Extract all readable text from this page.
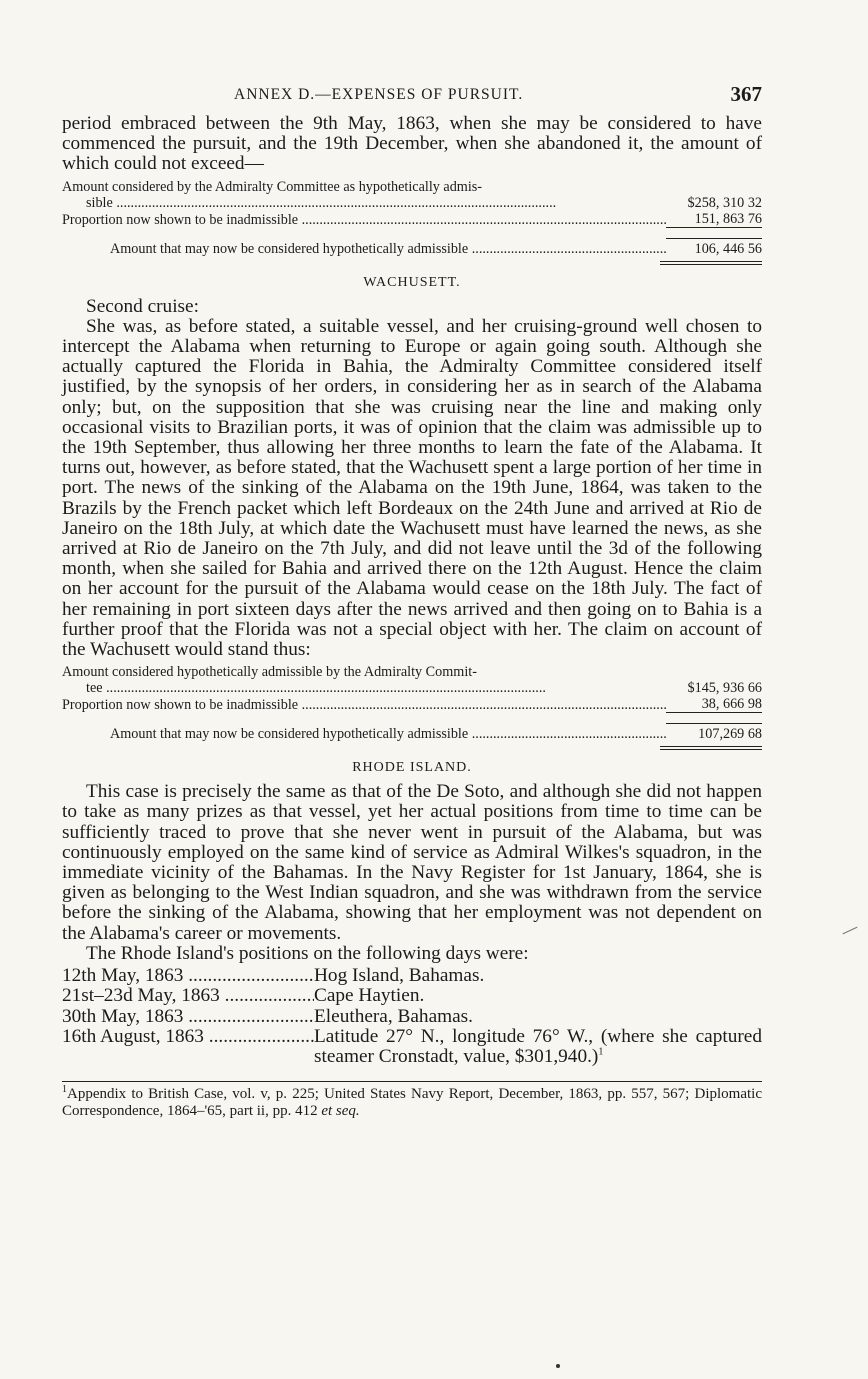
ANNEX D.—EXPENSES OF PURSUIT.	367

period embraced between the 9th May, 1863, when she may be considered to have commenced the pursuit, and the 19th December, when she abandoned it, the amount of which could not exceed—

Amount considered by the Admiralty Committee as hypothetically admis-
sible .....	$258, 310 32
Proportion now shown to be inadmissible .....	151, 863 76
Amount that may now be considered hypothetically admissible .....	106, 446 56
WACHUSETT.

Second cruise:

She was, as before stated, a suitable vessel, and her cruising-ground well chosen to intercept the Alabama when returning to Europe or again going south. Although she actually captured the Florida in Bahia, the Admiralty Committee considered itself justified, by the synopsis of her orders, in considering her as in search of the Alabama only; but, on the supposition that she was cruising near the line and making only occasional visits to Brazilian ports, it was of opinion that the claim was admissible up to the 19th September, thus allowing her three months to learn the fate of the Alabama. It turns out, however, as before stated, that the Wachusett spent a large portion of her time in port. The news of the sinking of the Alabama on the 19th June, 1864, was taken to the Brazils by the French packet which left Bordeaux on the 24th June and arrived at Rio de Janeiro on the 18th July, at which date the Wachusett must have learned the news, as she arrived at Rio de Janeiro on the 7th July, and did not leave until the 3d of the following month, when she sailed for Bahia and arrived there on the 12th August. Hence the claim on her account for the pursuit of the Alabama would cease on the 18th July. The fact of her remaining in port sixteen days after the news arrived and then going on to Bahia is a further proof that the Florida was not a special object with her. The claim on account of the Wachusett would stand thus:

Amount considered hypothetically admissible by the Admiralty Commit-
tee .....	$145, 936 66
Proportion now shown to be inadmissible .....	38, 666 98
Amount that may now be considered hypothetically admissible .....	107,269 68
RHODE ISLAND.

This case is precisely the same as that of the De Soto, and although she did not happen to take as many prizes as that vessel, yet her actual positions from time to time can be sufficiently traced to prove that she never went in pursuit of the Alabama, but was continuously employed on the same kind of service as Admiral Wilkes's squadron, in the immediate vicinity of the Bahamas. In the Navy Register for 1st January, 1864, she is given as belonging to the West Indian squadron, and she was withdrawn from the service before the sinking of the Alabama, showing that her employment was not dependent on the Alabama's career or movements.

The Rhode Island's positions on the following days were:

12th May, 1863 .....	Hog Island, Bahamas.
21st–23d May, 1863 .....	Cape Haytien.
30th May, 1863 .....	Eleuthera, Bahamas.
16th August, 1863 .....	Latitude 27° N., longitude 76° W., (where she captured steamer Cronstadt, value, $301,940.)$^1$

$^1$Appendix to British Case, vol. v, p. 225; United States Navy Report, December, 1863, pp. 557, 567; Diplomatic Correspondence, 1864–'65, part ii, pp. 412 et seq.
